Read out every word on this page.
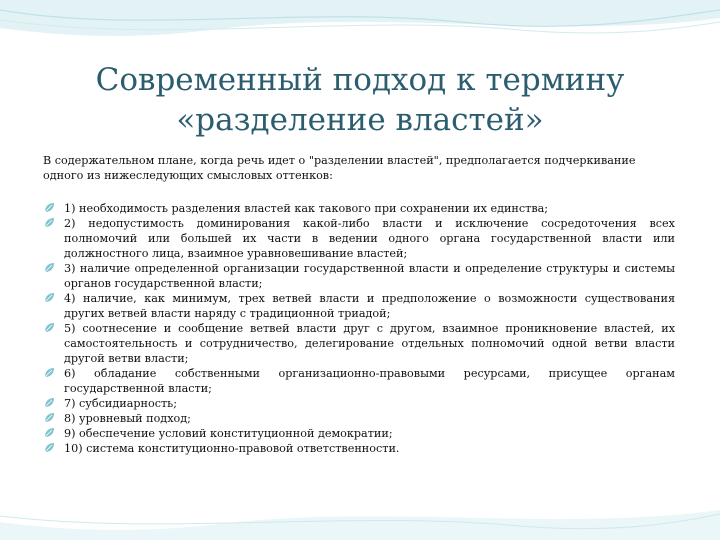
Современный подход к термину
«разделение властей»

В содержательном плане, когда речь идет о "разделении властей", предполагается подчеркивание одного из нижеследующих смысловых оттенков:

1) необходимость разделения властей как такового при сохранении их единства;
2) недопустимость доминирования какой-либо власти и исключение сосредоточения всех полномочий или большей их части в ведении одного органа государственной власти или должностного лица, взаимное уравновешивание властей;
3) наличие определенной организации государственной власти и определение структуры и системы органов государственной власти;
4) наличие, как минимум, трех ветвей власти и предположение о возможности существования других ветвей власти наряду с традиционной триадой;
5) соотнесение и сообщение ветвей власти друг с другом, взаимное проникновение властей, их самостоятельность и сотрудничество, делегирование отдельных полномочий одной ветви власти другой ветви власти;
6) обладание собственными организационно-правовыми ресурсами, присущее органам государственной власти;
7) субсидиарность;
8) уровневый подход;
9) обеспечение условий конституционной демократии;
10) система конституционно-правовой ответственности.
